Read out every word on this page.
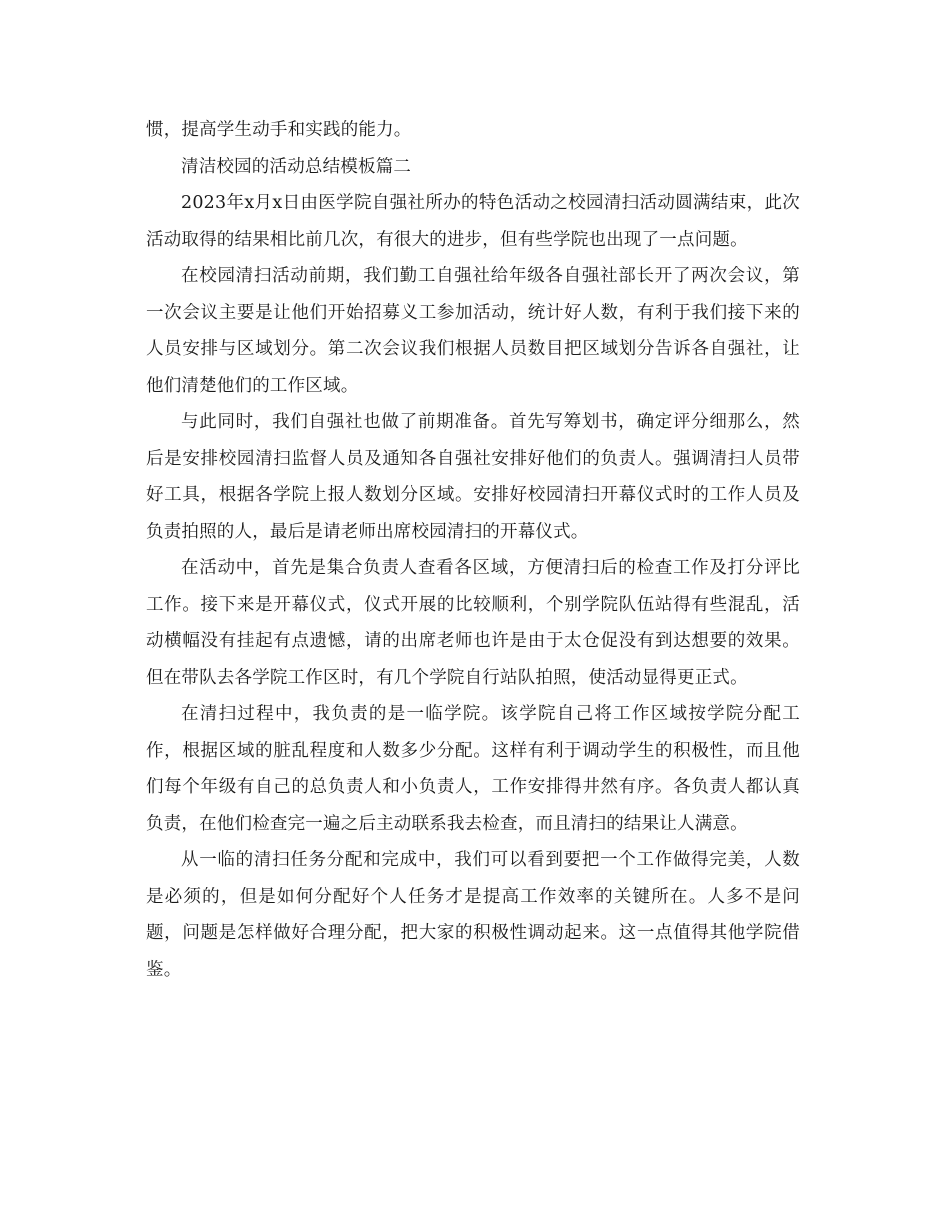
惯，提高学生动手和实践的能力。

清洁校园的活动总结模板篇二

2023年x月x日由医学院自强社所办的特色活动之校园清扫活动圆满结束，此次活动取得的结果相比前几次，有很大的进步，但有些学院也出现了一点问题。

在校园清扫活动前期，我们勤工自强社给年级各自强社部长开了两次会议，第一次会议主要是让他们开始招募义工参加活动，统计好人数，有利于我们接下来的人员安排与区域划分。第二次会议我们根据人员数目把区域划分告诉各自强社，让他们清楚他们的工作区域。

与此同时，我们自强社也做了前期准备。首先写筹划书，确定评分细那么，然后是安排校园清扫监督人员及通知各自强社安排好他们的负责人。强调清扫人员带好工具，根据各学院上报人数划分区域。安排好校园清扫开幕仪式时的工作人员及负责拍照的人，最后是请老师出席校园清扫的开幕仪式。

在活动中，首先是集合负责人查看各区域，方便清扫后的检查工作及打分评比工作。接下来是开幕仪式，仪式开展的比较顺利，个别学院队伍站得有些混乱，活动横幅没有挂起有点遗憾，请的出席老师也许是由于太仓促没有到达想要的效果。但在带队去各学院工作区时，有几个学院自行站队拍照，使活动显得更正式。

在清扫过程中，我负责的是一临学院。该学院自己将工作区域按学院分配工作，根据区域的脏乱程度和人数多少分配。这样有利于调动学生的积极性，而且他们每个年级有自己的总负责人和小负责人，工作安排得井然有序。各负责人都认真负责，在他们检查完一遍之后主动联系我去检查，而且清扫的结果让人满意。

从一临的清扫任务分配和完成中，我们可以看到要把一个工作做得完美，人数是必须的，但是如何分配好个人任务才是提高工作效率的关键所在。人多不是问题，问题是怎样做好合理分配，把大家的积极性调动起来。这一点值得其他学院借鉴。
